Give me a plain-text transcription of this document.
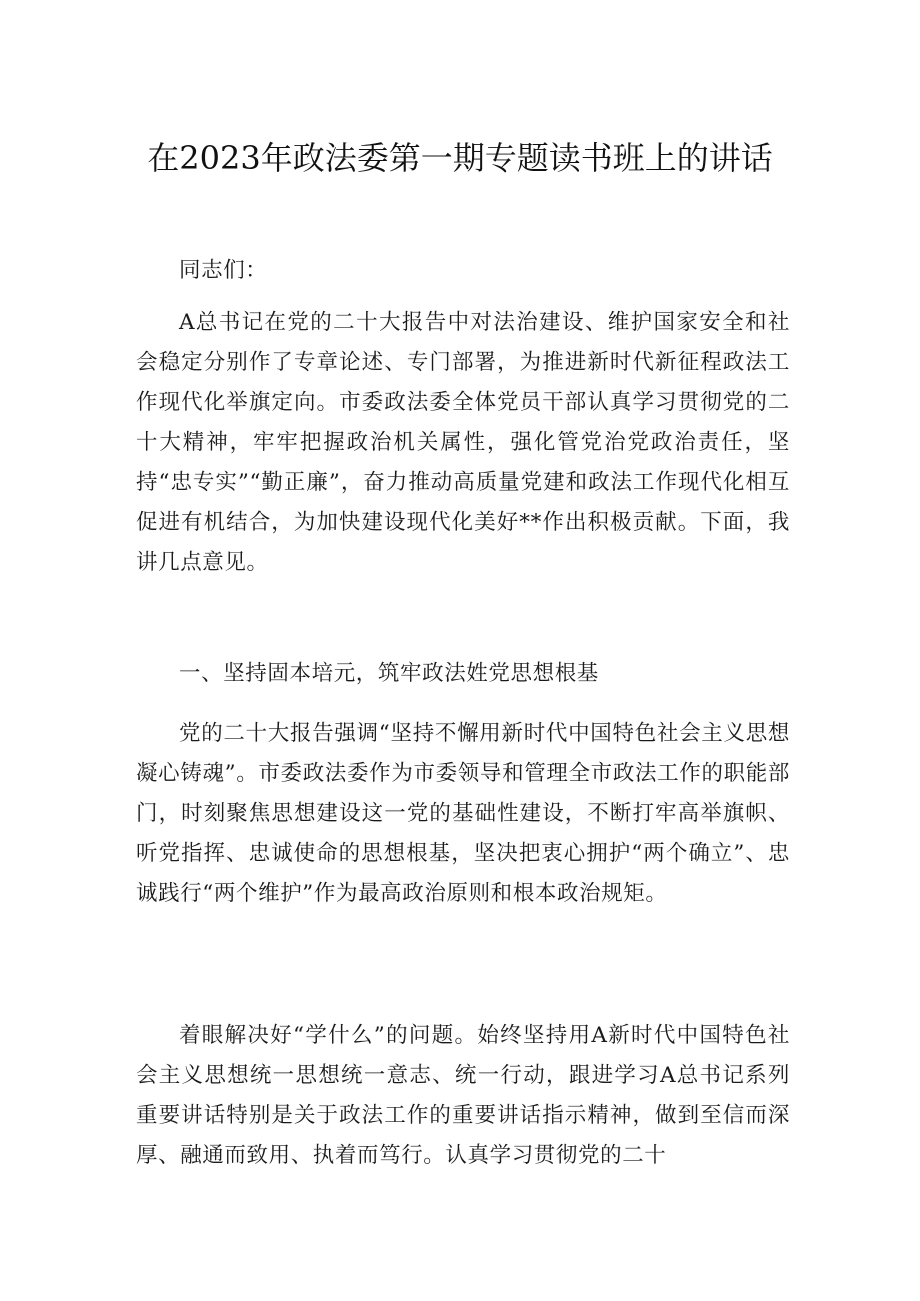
在2023年政法委第一期专题读书班上的讲话

同志们：

A总书记在党的二十大报告中对法治建设、维护国家安全和社会稳定分别作了专章论述、专门部署，为推进新时代新征程政法工作现代化举旗定向。市委政法委全体党员干部认真学习贯彻党的二十大精神，牢牢把握政治机关属性，强化管党治党政治责任，坚持“忠专实”“勤正廉”，奋力推动高质量党建和政法工作现代化相互促进有机结合，为加快建设现代化美好**作出积极贡献。下面，我讲几点意见。

一、坚持固本培元，筑牢政法姓党思想根基

党的二十大报告强调“坚持不懈用新时代中国特色社会主义思想凝心铸魂”。市委政法委作为市委领导和管理全市政法工作的职能部门，时刻聚焦思想建设这一党的基础性建设，不断打牢高举旗帜、听党指挥、忠诚使命的思想根基，坚决把衷心拥护“两个确立”、忠诚践行“两个维护”作为最高政治原则和根本政治规矩。

着眼解决好“学什么”的问题。始终坚持用A新时代中国特色社会主义思想统一思想统一意志、统一行动，跟进学习A总书记系列重要讲话特别是关于政法工作的重要讲话指示精神，做到至信而深厚、融通而致用、执着而笃行。认真学习贯彻党的二十
